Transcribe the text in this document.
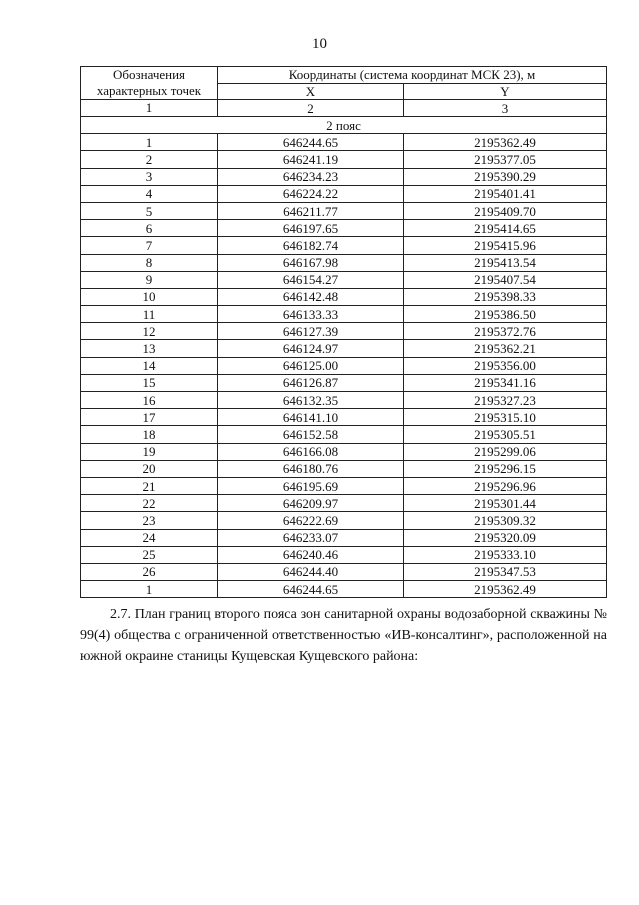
10
Обозначения характерных точек	Координаты (система координат МСК 23), м	
	X	Y
1	2	3
2 пояс		
1	646244.65	2195362.49
2	646241.19	2195377.05
3	646234.23	2195390.29
4	646224.22	2195401.41
5	646211.77	2195409.70
6	646197.65	2195414.65
7	646182.74	2195415.96
8	646167.98	2195413.54
9	646154.27	2195407.54
10	646142.48	2195398.33
11	646133.33	2195386.50
12	646127.39	2195372.76
13	646124.97	2195362.21
14	646125.00	2195356.00
15	646126.87	2195341.16
16	646132.35	2195327.23
17	646141.10	2195315.10
18	646152.58	2195305.51
19	646166.08	2195299.06
20	646180.76	2195296.15
21	646195.69	2195296.96
22	646209.97	2195301.44
23	646222.69	2195309.32
24	646233.07	2195320.09
25	646240.46	2195333.10
26	646244.40	2195347.53
1	646244.65	2195362.49

2.7. План границ второго пояса зон санитарной охраны водозаборной скважины № 99(4) общества с ограниченной ответственностью «ИВ-консалтинг», расположенной на южной окраине станицы Кущевская Кущевского района:
